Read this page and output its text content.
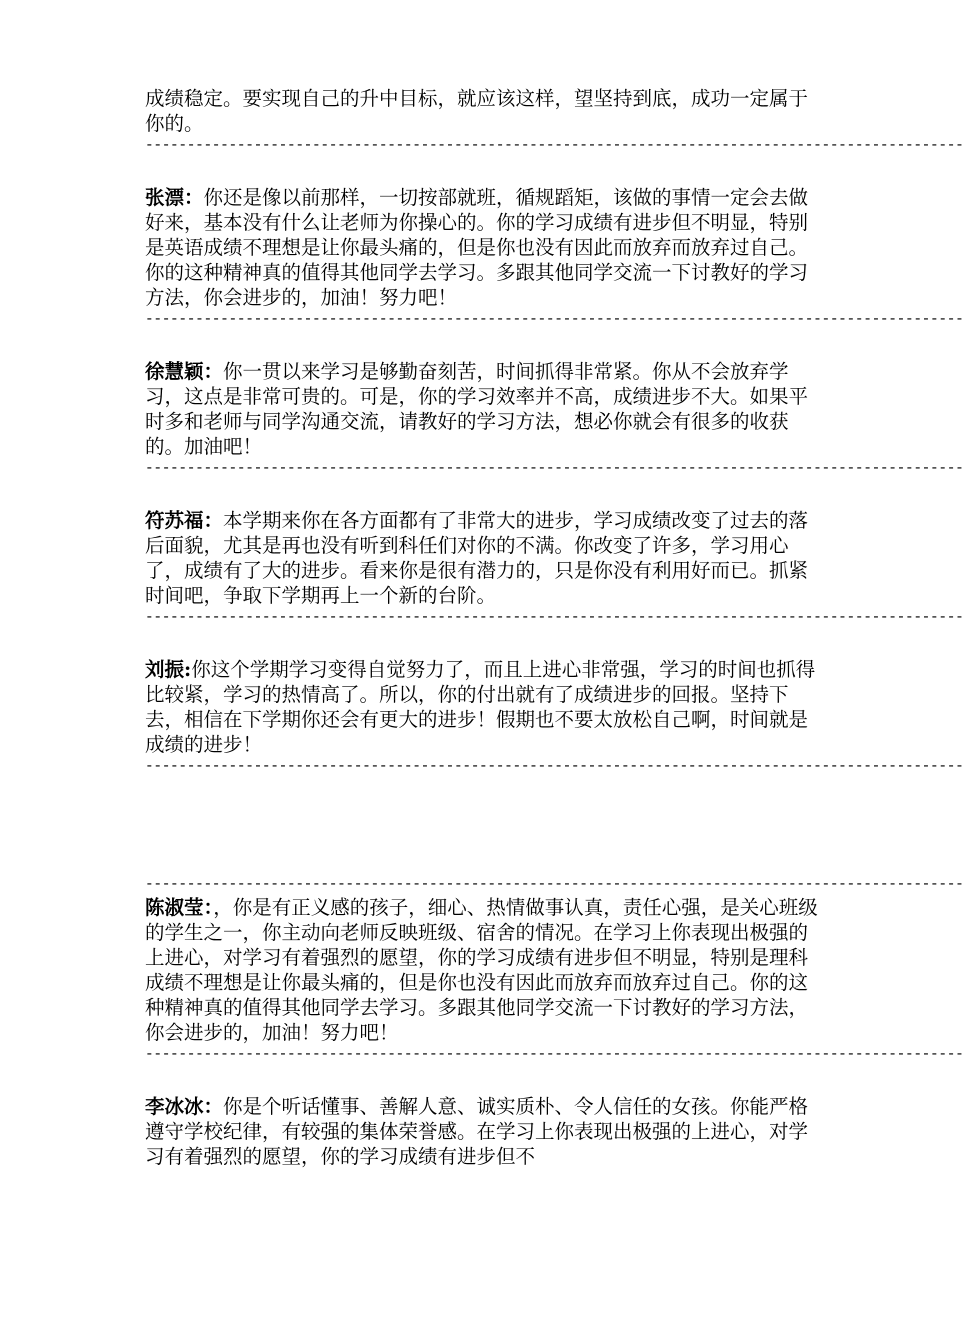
成绩稳定。要实现自己的升中目标，就应该这样，望坚持到底，成功一定属于你的。

--------------------------------------------------------------------------------------------------

张漂：你还是像以前那样，一切按部就班，循规蹈矩，该做的事情一定会去做好来，基本没有什么让老师为你操心的。你的学习成绩有进步但不明显，特别是英语成绩不理想是让你最头痛的，但是你也没有因此而放弃而放弃过自己。你的这种精神真的值得其他同学去学习。多跟其他同学交流一下讨教好的学习方法，你会进步的，加油！努力吧！

--------------------------------------------------------------------------------------------------

徐慧颖：你一贯以来学习是够勤奋刻苦，时间抓得非常紧。你从不会放弃学习，这点是非常可贵的。可是，你的学习效率并不高，成绩进步不大。如果平时多和老师与同学沟通交流，请教好的学习方法，想必你就会有很多的收获的。加油吧！

--------------------------------------------------------------------------------------------------

符苏福：本学期来你在各方面都有了非常大的进步，学习成绩改变了过去的落后面貌，尤其是再也没有听到科任们对你的不满。你改变了许多，学习用心了，成绩有了大的进步。看来你是很有潜力的，只是你没有利用好而已。抓紧时间吧，争取下学期再上一个新的台阶。

--------------------------------------------------------------------------------------------------

刘振:你这个学期学习变得自觉努力了，而且上进心非常强，学习的时间也抓得比较紧，学习的热情高了。所以，你的付出就有了成绩进步的回报。坚持下去，相信在下学期你还会有更大的进步！假期也不要太放松自己啊，时间就是成绩的进步！

--------------------------------------------------------------------------------------------------
--------------------------------------------------------------------------------------------------

陈淑莹：，你是有正义感的孩子，细心、热情做事认真，责任心强，是关心班级的学生之一，你主动向老师反映班级、宿舍的情况。在学习上你表现出极强的上进心，对学习有着强烈的愿望，你的学习成绩有进步但不明显，特别是理科成绩不理想是让你最头痛的，但是你也没有因此而放弃而放弃过自己。你的这种精神真的值得其他同学去学习。多跟其他同学交流一下讨教好的学习方法，你会进步的，加油！努力吧！

--------------------------------------------------------------------------------------------------

李冰冰：你是个听话懂事、善解人意、诚实质朴、令人信任的女孩。你能严格遵守学校纪律，有较强的集体荣誉感。在学习上你表现出极强的上进心，对学习有着强烈的愿望，你的学习成绩有进步但不
